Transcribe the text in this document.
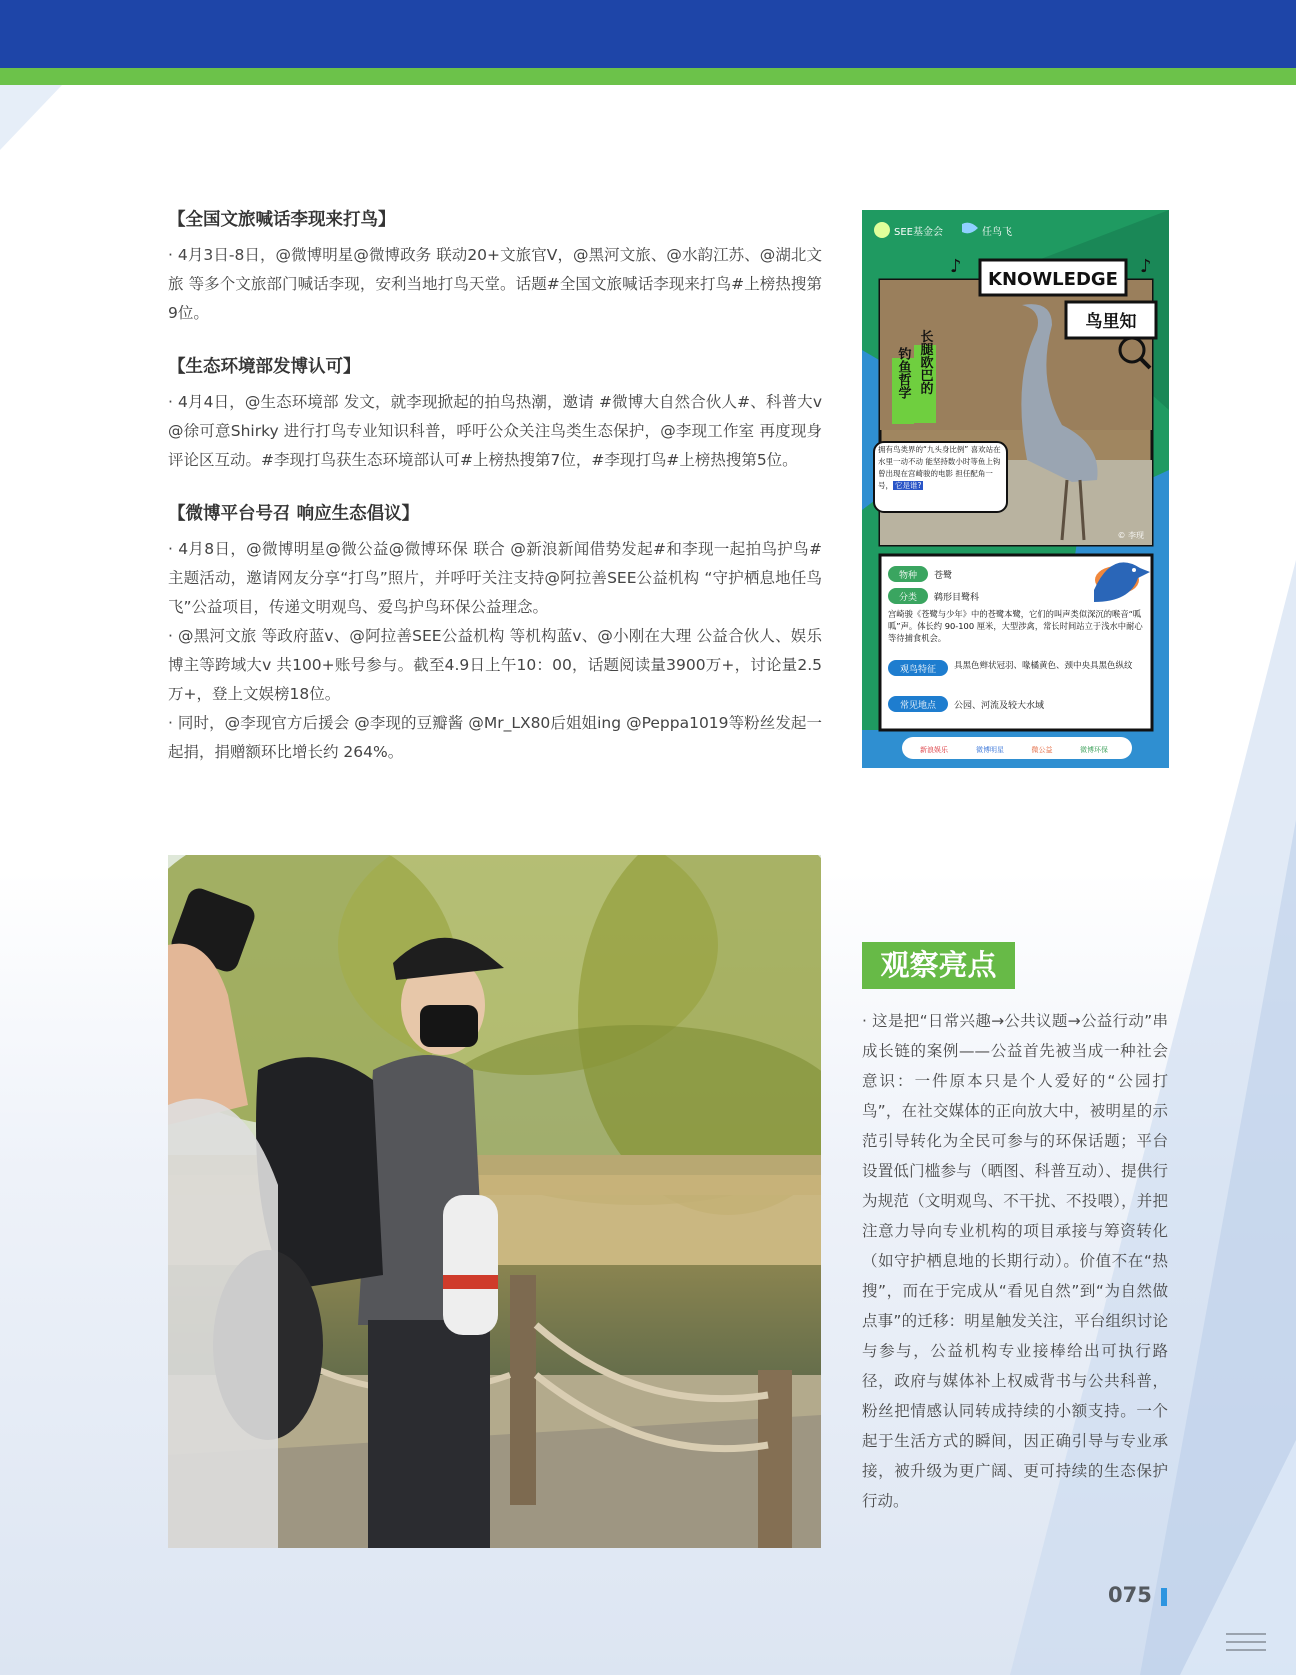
【全国文旅喊话李现来打鸟】

· 4月3日-8日，@微博明星@微博政务 联动20+文旅官V，@黑河文旅、@水韵江苏、@湖北文旅 等多个文旅部门喊话李现，安利当地打鸟天堂。话题#全国文旅喊话李现来打鸟#上榜热搜第9位。

【生态环境部发博认可】

· 4月4日，@生态环境部 发文，就李现掀起的拍鸟热潮，邀请 #微博大自然合伙人#、科普大v @徐可意Shirky 进行打鸟专业知识科普，呼吁公众关注鸟类生态保护，@李现工作室 再度现身评论区互动。#李现打鸟获生态环境部认可#上榜热搜第7位，#李现打鸟#上榜热搜第5位。

【微博平台号召 响应生态倡议】

· 4月8日，@微博明星@微公益@微博环保 联合 @新浪新闻借势发起#和李现一起拍鸟护鸟# 主题活动，邀请网友分享“打鸟”照片，并呼吁关注支持@阿拉善SEE公益机构 “守护栖息地任鸟飞”公益项目，传递文明观鸟、爱鸟护鸟环保公益理念。

· @黑河文旅 等政府蓝v、@阿拉善SEE公益机构 等机构蓝v、@小刚在大理 公益合伙人、娱乐博主等跨域大v 共100+账号参与。截至4.9日上午10：00，话题阅读量3900万+，讨论量2.5万+，登上文娱榜18位。

· 同时，@李现官方后援会 @李现的豆瓣酱 @Mr_LX80后姐姐ing @Peppa1019等粉丝发起一起捐，捐赠额环比增长约 264%。

SEE基金会	任鸟飞
♪	♪
KNOWLEDGE
鸟里知
长腿欧巴的
钓鱼哲学
拥有鸟类界的“九头身比例” 喜欢站在水里一动不动 能坚持数小时等鱼上钩 曾出现在宫崎骏的电影 担任配角一号， 它是谁?
© 李现
物种 苍鹭
分类 鹈形目鹭科
宫崎骏《苍鹭与少年》中的苍鹭本鹭，它们的叫声类似深沉的喉音“呱呱”声。体长约 90-100 厘米，大型涉禽，常长时间站立于浅水中耐心等待捕食机会。
观鸟特征 具黑色辫状冠羽、喙橘黄色、颈中央具黑色纵纹
常见地点 公园、河流及较大水域
新浪娱乐	微博明星	微公益	微博环保
观察亮点

· 这是把“日常兴趣→公共议题→公益行动”串成长链的案例——公益首先被当成一种社会意识：一件原本只是个人爱好的“公园打鸟”，在社交媒体的正向放大中，被明星的示范引导转化为全民可参与的环保话题；平台设置低门槛参与（晒图、科普互动）、提供行为规范（文明观鸟、不干扰、不投喂），并把注意力导向专业机构的项目承接与筹资转化（如守护栖息地的长期行动）。价值不在“热搜”，而在于完成从“看见自然”到“为自然做点事”的迁移：明星触发关注，平台组织讨论与参与，公益机构专业接棒给出可执行路径，政府与媒体补上权威背书与公共科普，粉丝把情感认同转成持续的小额支持。一个起于生活方式的瞬间，因正确引导与专业承接，被升级为更广阔、更可持续的生态保护行动。

075
